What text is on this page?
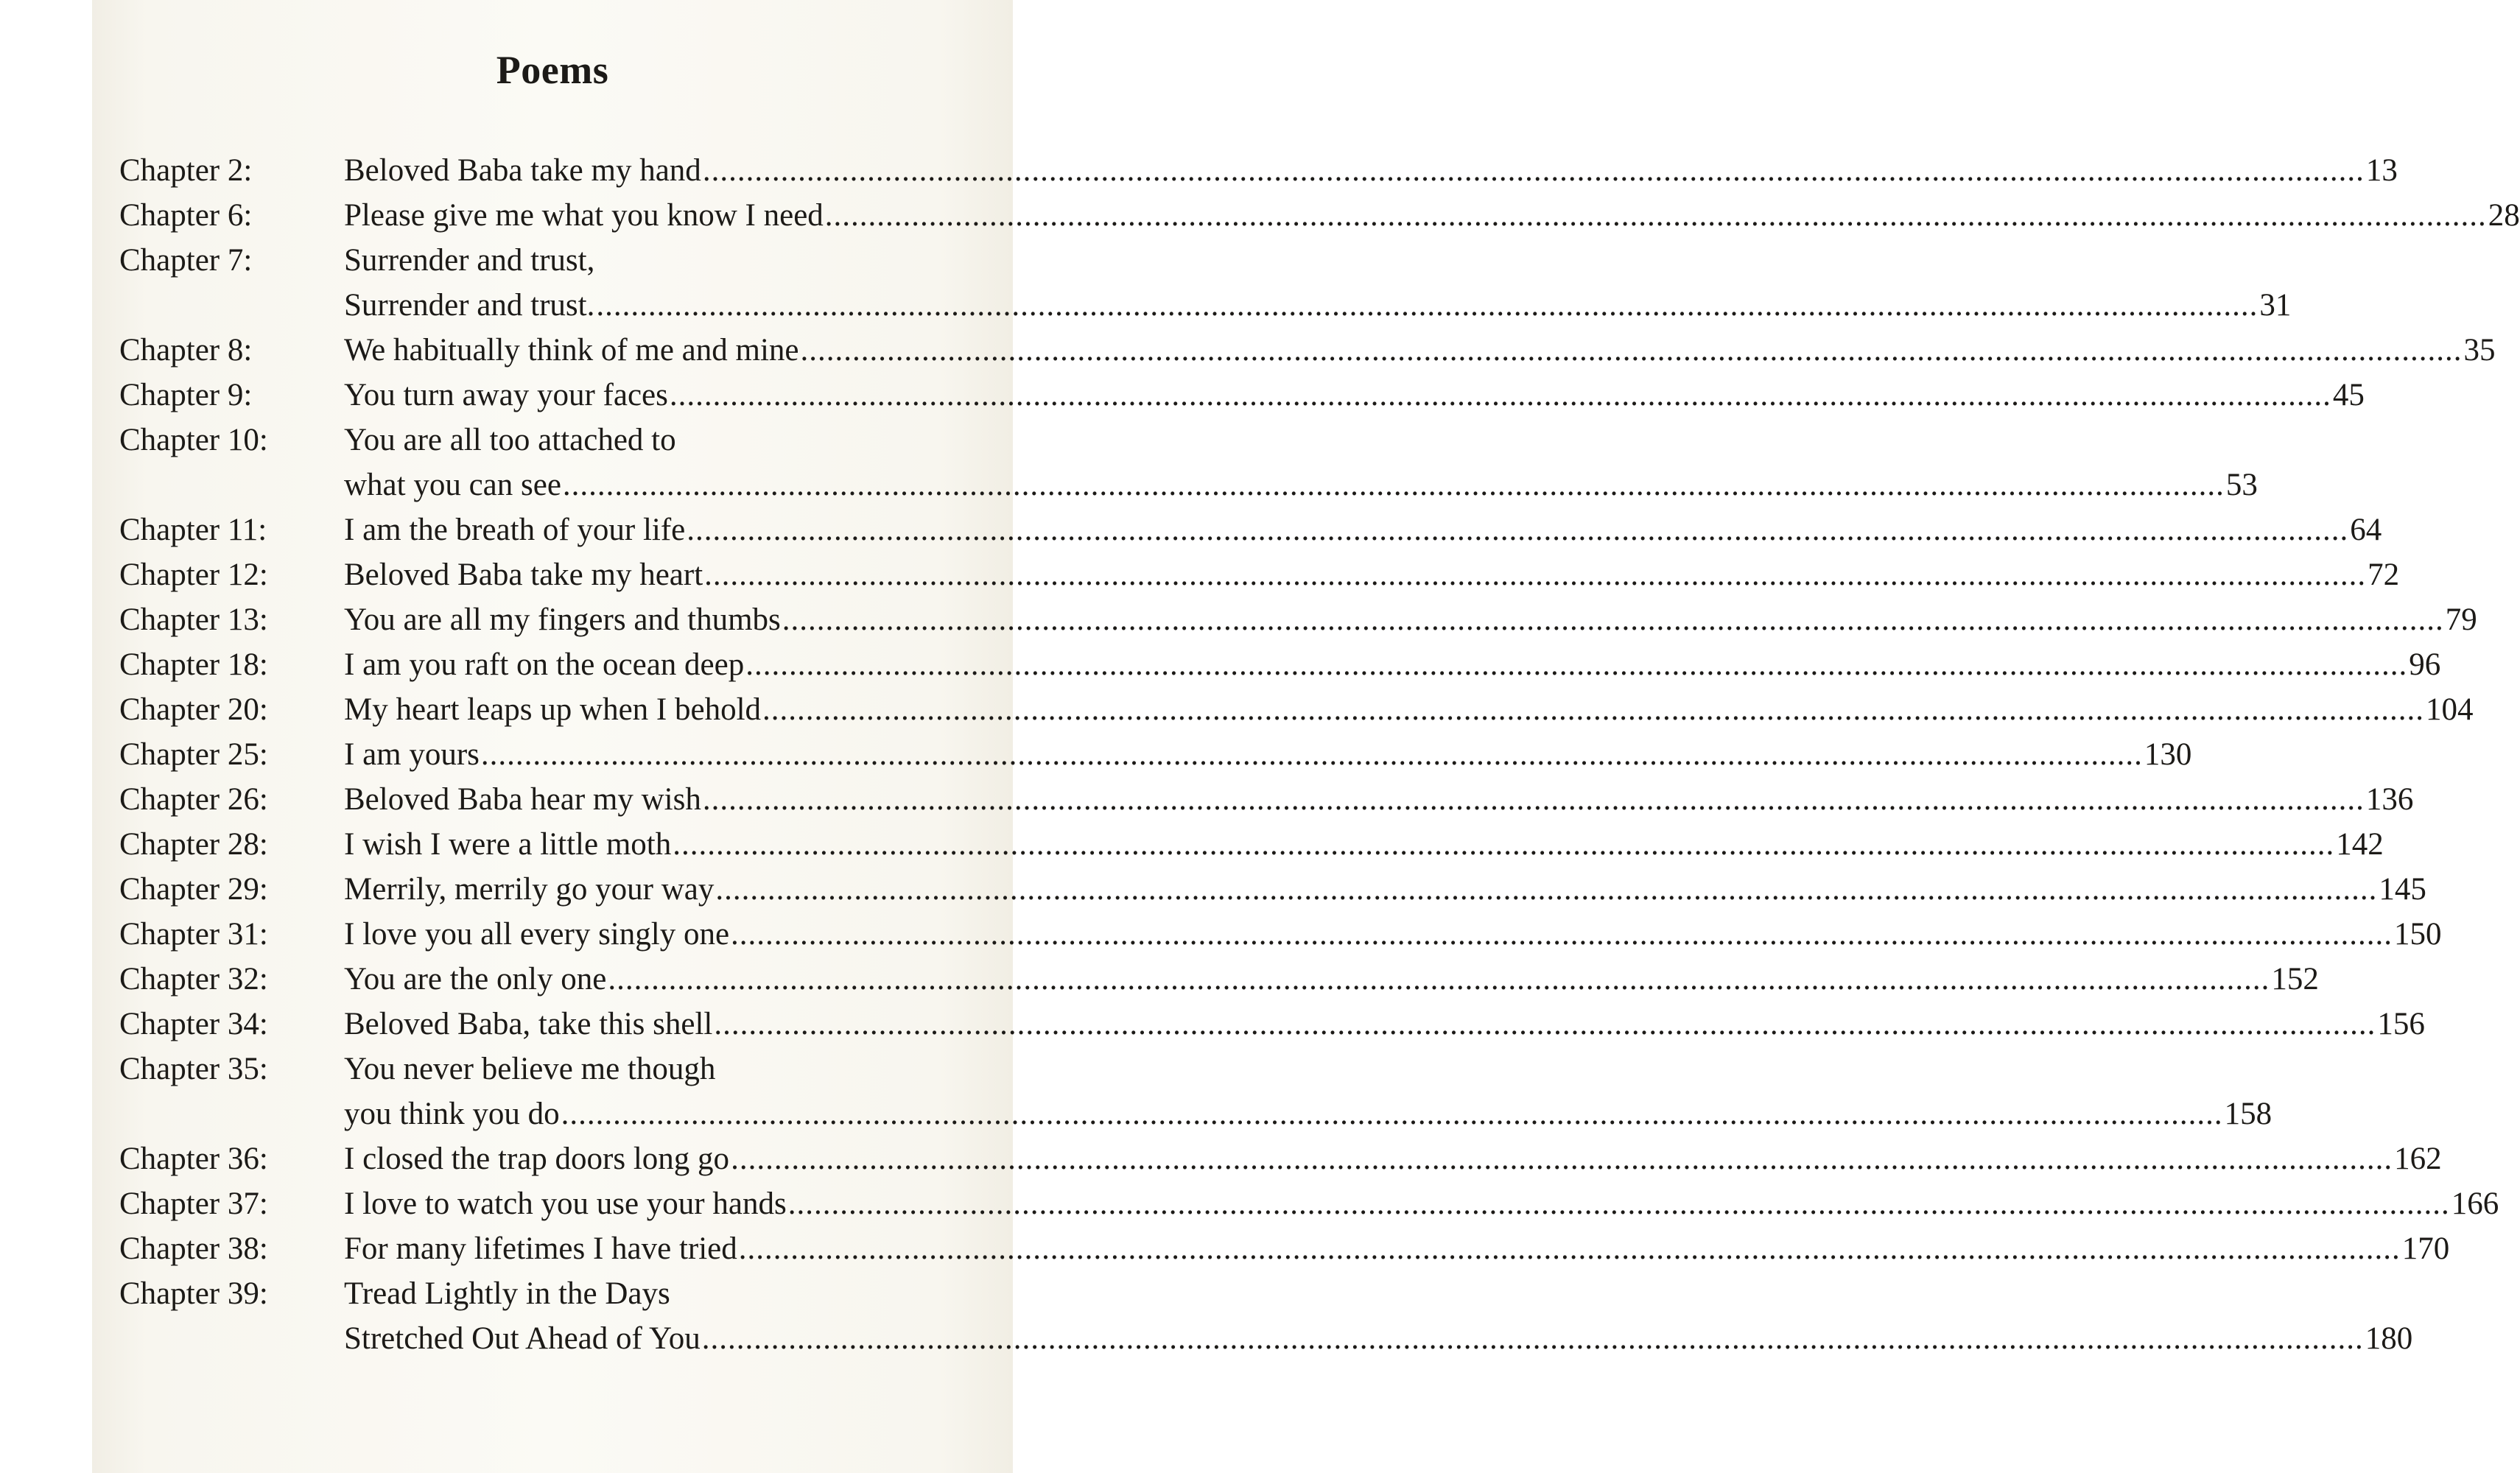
Poems
Chapter 2:	Beloved Baba take my hand .....	13
Chapter 6:	Please give me what you know I need .....	28
Chapter 7:	Surrender and trust,
Surrender and trust. .....	31
Chapter 8:	We habitually think of me and mine .....	35
Chapter 9:	You turn away your faces .....	45
Chapter 10:	You are all too attached to
what you can see .....	53
Chapter 11:	I am the breath of your life .....	64
Chapter 12:	Beloved Baba take my heart .....	72
Chapter 13:	You are all my fingers and thumbs .....	79
Chapter 18:	I am you raft on the ocean deep .....	96
Chapter 20:	My heart leaps up when I behold .....	104
Chapter 25:	I am yours .....	130
Chapter 26:	Beloved Baba hear my wish .....	136
Chapter 28:	I wish I were a little moth .....	142
Chapter 29:	Merrily, merrily go your way .....	145
Chapter 31:	I love you all every singly one .....	150
Chapter 32:	You are the only one .....	152
Chapter 34:	Beloved Baba, take this shell .....	156
Chapter 35:	You never believe me though
you think you do .....	158
Chapter 36:	I closed the trap doors long go .....	162
Chapter 37:	I love to watch you use your hands .....	166
Chapter 38:	For many lifetimes I have tried .....	170
Chapter 39:	Tread Lightly in the Days
Stretched Out Ahead of You .....	180
